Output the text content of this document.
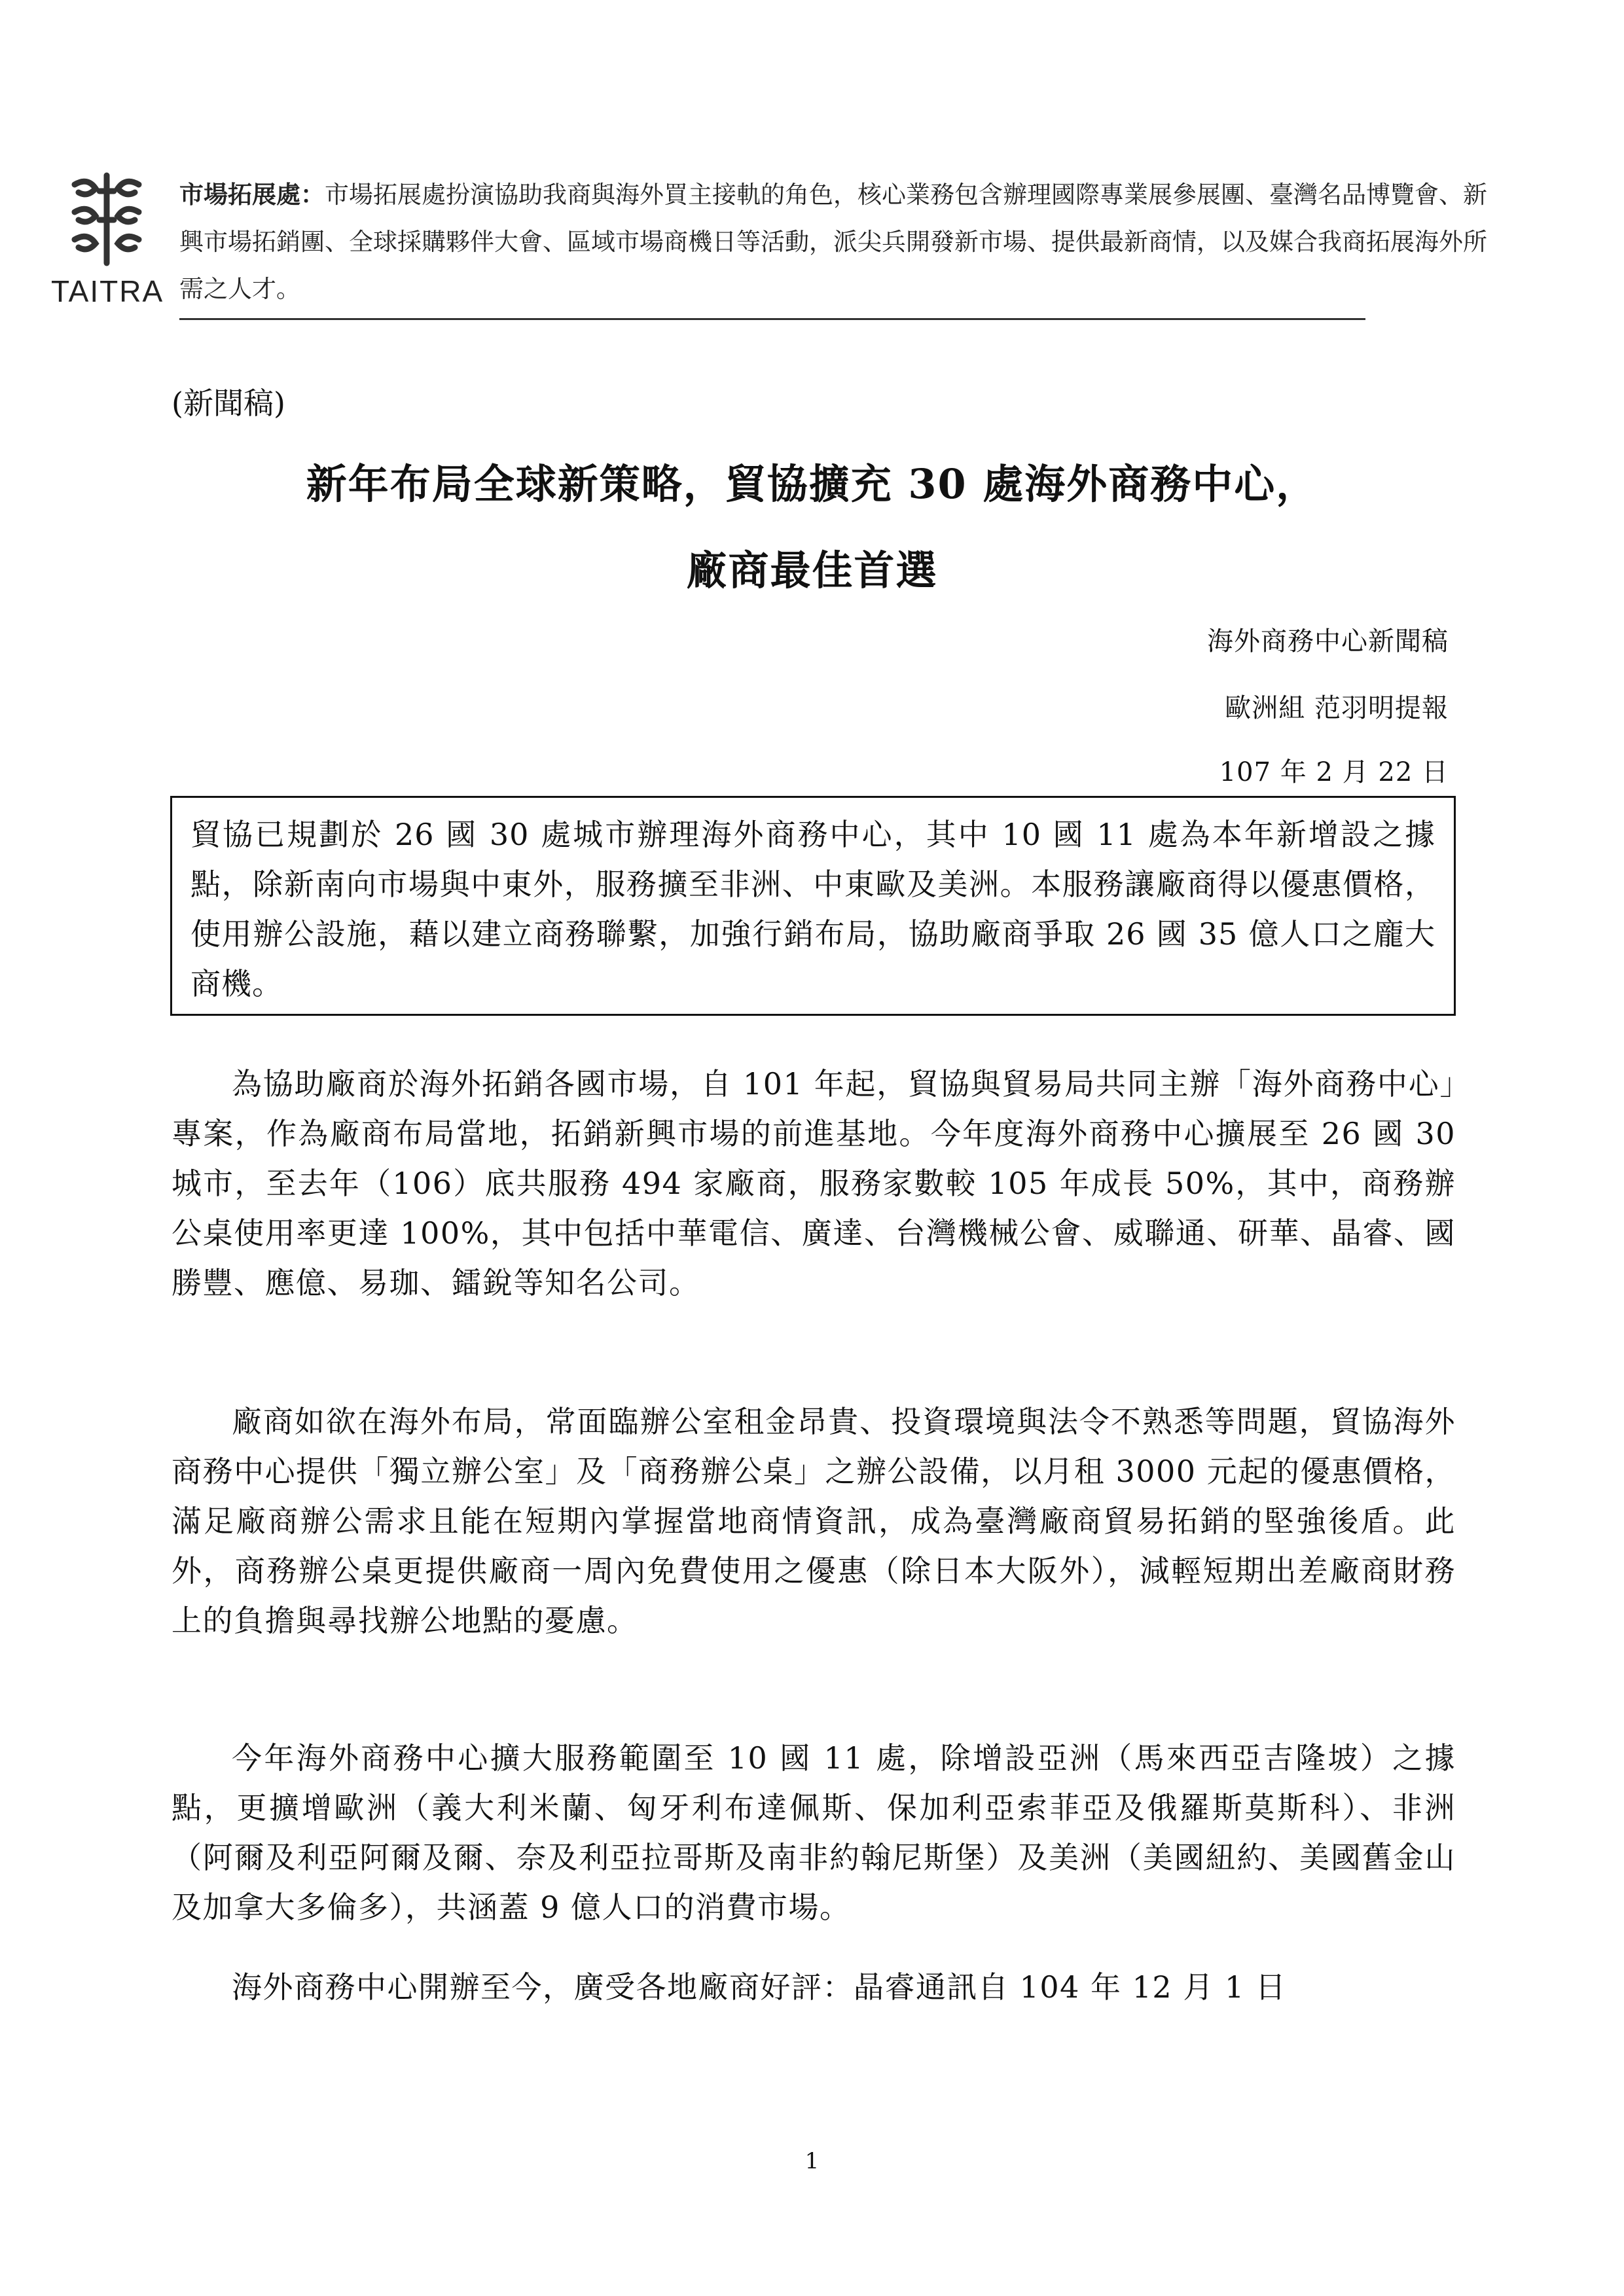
TAITRA
市場拓展處：市場拓展處扮演協助我商與海外買主接軌的角色，核心業務包含辦理國際專業展參展團、臺灣名品博覽會、新興市場拓銷團、全球採購夥伴大會、區域市場商機日等活動，派尖兵開發新市場、提供最新商情，以及媒合我商拓展海外所需之人才。
(新聞稿)
新年布局全球新策略，貿協擴充 30 處海外商務中心，
廠商最佳首選
海外商務中心新聞稿
歐洲組 范羽明提報
107 年 2 月 22 日
貿協已規劃於 26 國 30 處城市辦理海外商務中心，其中 10 國 11 處為本年新增設之據點，除新南向市場與中東外，服務擴至非洲、中東歐及美洲。本服務讓廠商得以優惠價格，使用辦公設施，藉以建立商務聯繫，加強行銷布局，協助廠商爭取 26 國 35 億人口之龐大商機。
為協助廠商於海外拓銷各國市場，自 101 年起，貿協與貿易局共同主辦「海外商務中心」專案，作為廠商布局當地，拓銷新興市場的前進基地。今年度海外商務中心擴展至 26 國 30 城市，至去年（106）底共服務 494 家廠商，服務家數較 105 年成長 50%，其中，商務辦公桌使用率更達 100%，其中包括中華電信、廣達、台灣機械公會、威聯通、研華、晶睿、國勝豐、應億、易珈、鐳銳等知名公司。
廠商如欲在海外布局，常面臨辦公室租金昂貴、投資環境與法令不熟悉等問題，貿協海外商務中心提供「獨立辦公室」及「商務辦公桌」之辦公設備，以月租 3000 元起的優惠價格，滿足廠商辦公需求且能在短期內掌握當地商情資訊，成為臺灣廠商貿易拓銷的堅強後盾。此外，商務辦公桌更提供廠商一周內免費使用之優惠（除日本大阪外），減輕短期出差廠商財務上的負擔與尋找辦公地點的憂慮。
今年海外商務中心擴大服務範圍至 10 國 11 處，除增設亞洲（馬來西亞吉隆坡）之據點，更擴增歐洲（義大利米蘭、匈牙利布達佩斯、保加利亞索菲亞及俄羅斯莫斯科）、非洲（阿爾及利亞阿爾及爾、奈及利亞拉哥斯及南非約翰尼斯堡）及美洲（美國紐約、美國舊金山及加拿大多倫多），共涵蓋 9 億人口的消費市場。
海外商務中心開辦至今，廣受各地廠商好評：晶睿通訊自 104 年 12 月 1 日
1
